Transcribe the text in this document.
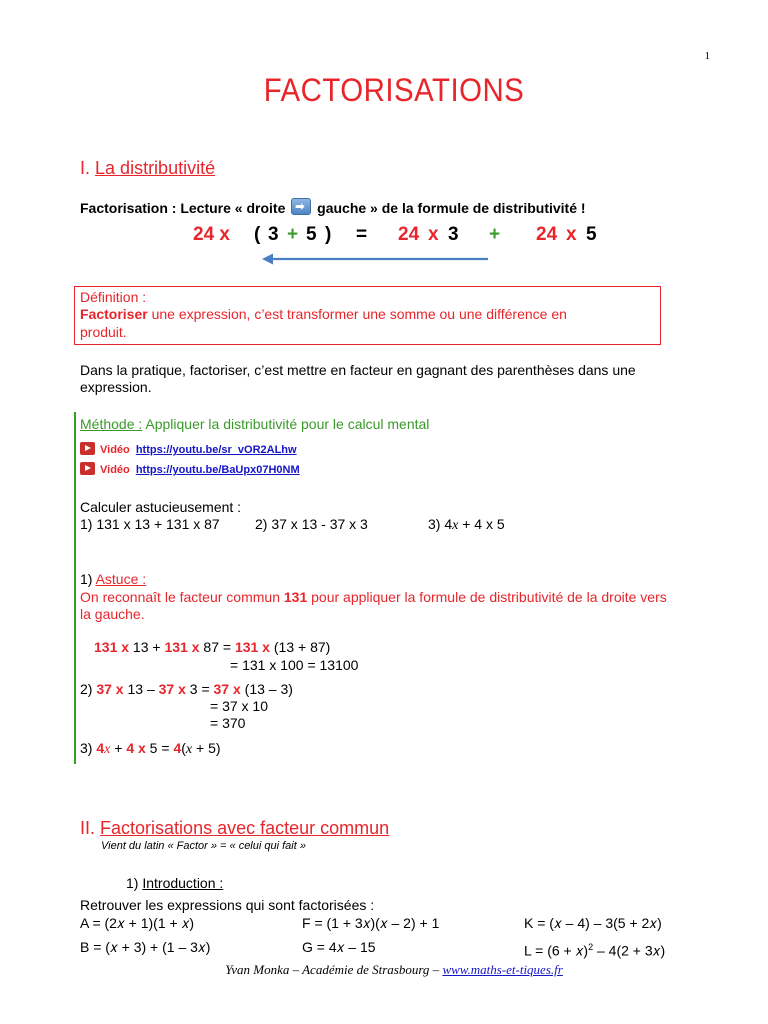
1
FACTORISATIONS
I. La distributivité
Factorisation : Lecture « droite ➡ gauche » de la formule de distributivité !
24 x ( 3 + 5 ) = 24 x 3 + 24 x 5
Définition :
Factoriser une expression, c’est transformer une somme ou une différence en
produit.
Dans la pratique, factoriser, c’est mettre en facteur en gagnant des parenthèses dans une
expression.
Méthode : Appliquer la distributivité pour le calcul mental
Vidéo https://youtu.be/sr_vOR2ALhw
Vidéo https://youtu.be/BaUpx07H0NM
Calculer astucieusement :
1) 131 x 13 + 131 x 87	2) 37 x 13 - 37 x 3	3) 4x + 4 x 5
1) Astuce :
On reconnaît le facteur commun 131 pour appliquer la formule de distributivité de la droite vers
la gauche.
131 x 13 + 131 x 87 = 131 x (13 + 87)
= 131 x 100 = 13100
2) 37 x 13 – 37 x 3 = 37 x (13 – 3)
= 37 x 10
= 370
3) 4x + 4 x 5 = 4(x + 5)
II. Factorisations avec facteur commun
Vient du latin « Factor » = « celui qui fait »
1) Introduction :
Retrouver les expressions qui sont factorisées :
A = (2𝑥 + 1)(1 + 𝑥)	F = (1 + 3𝑥)(𝑥 – 2) + 1	K = (𝑥 – 4) – 3(5 + 2𝑥)
B = (𝑥 + 3) + (1 – 3𝑥)	G = 4𝑥 – 15	L = (6 + 𝑥)$^2$ – 4(2 + 3𝑥)
Yvan Monka – Académie de Strasbourg – www.maths-et-tiques.fr
